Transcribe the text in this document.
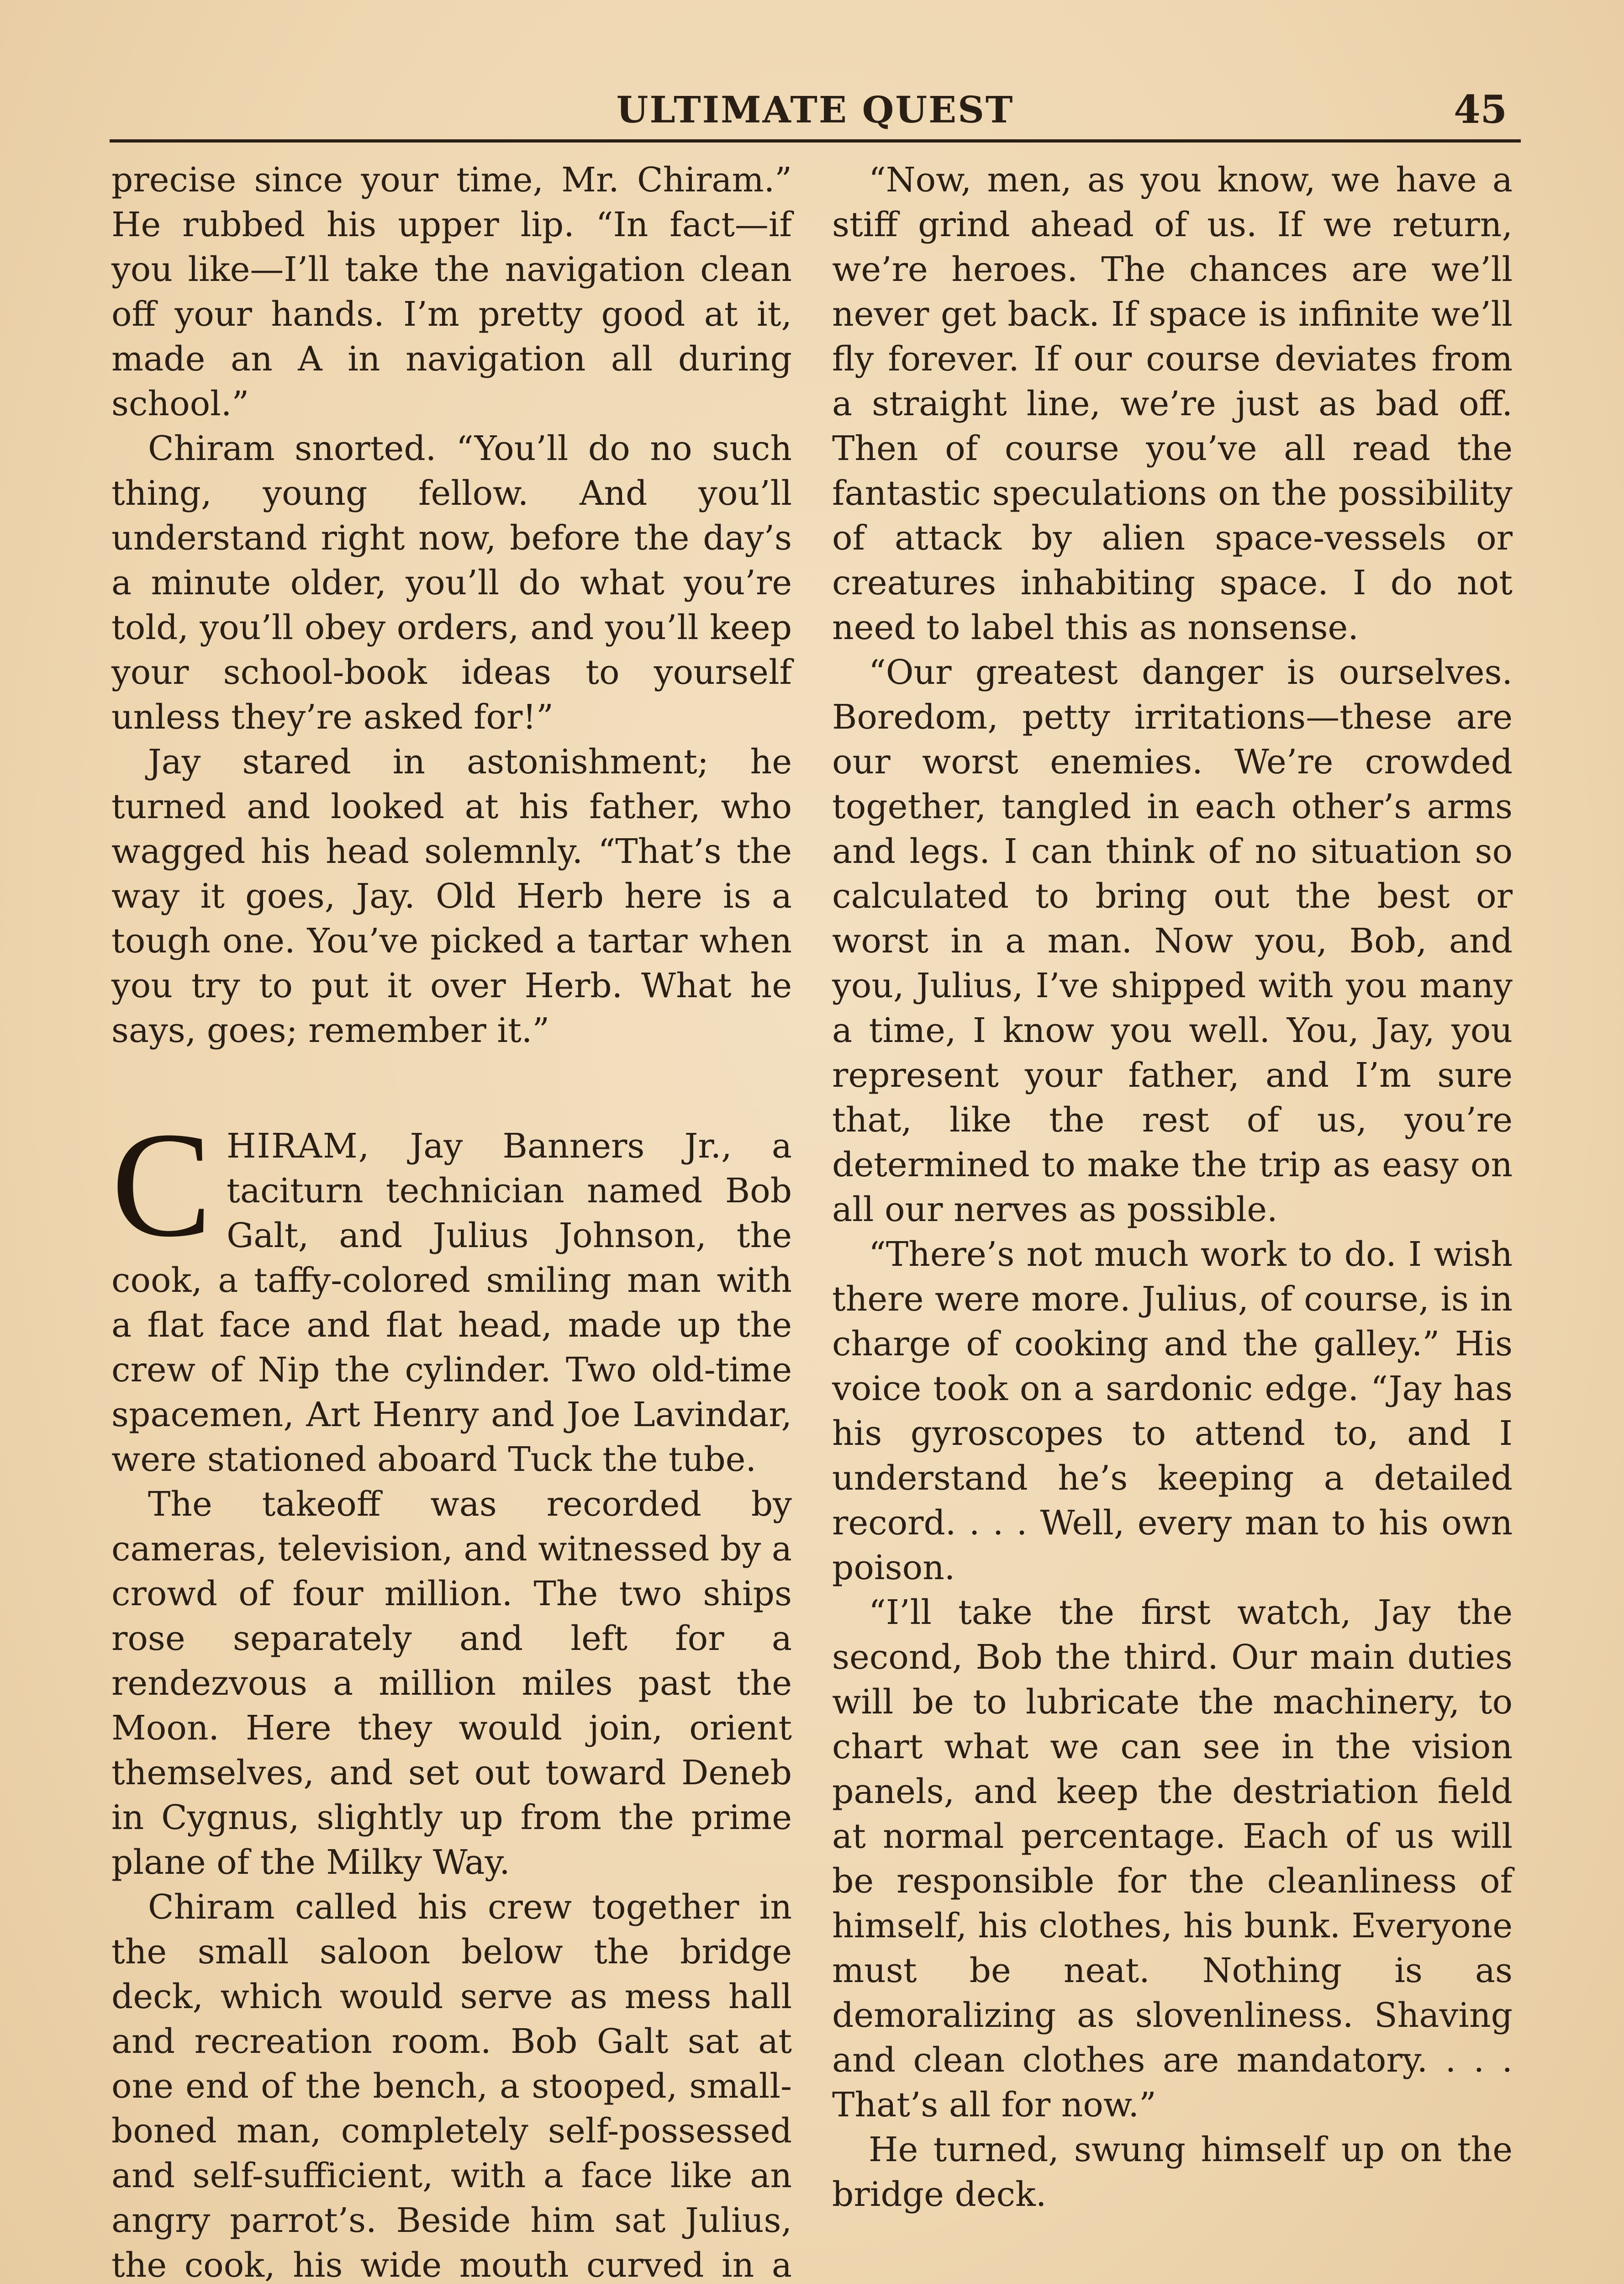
ULTIMATE QUEST	45

precise since your time, Mr. Chiram.” He rubbed his upper lip. “In fact—if you like—I’ll take the navigation clean off your hands. I’m pretty good at it, made an A in navigation all during school.”

Chiram snorted. “You’ll do no such thing, young fellow. And you’ll understand right now, before the day’s a minute older, you’ll do what you’re told, you’ll obey orders, and you’ll keep your school-book ideas to yourself unless they’re asked for!”

Jay stared in astonishment; he turned and looked at his father, who wagged his head solemnly. “That’s the way it goes, Jay. Old Herb here is a tough one. You’ve picked a tartar when you try to put it over Herb. What he says, goes; remember it.”

CHIRAM, Jay Banners Jr., a taciturn technician named Bob Galt, and Julius Johnson, the cook, a taffy-colored smiling man with a flat face and flat head, made up the crew of Nip the cylinder. Two old-time spacemen, Art Henry and Joe Lavindar, were stationed aboard Tuck the tube.

The takeoff was recorded by cameras, television, and witnessed by a crowd of four million. The two ships rose separately and left for a rendezvous a million miles past the Moon. Here they would join, orient themselves, and set out toward Deneb in Cygnus, slightly up from the prime plane of the Milky Way.

Chiram called his crew together in the small saloon below the bridge deck, which would serve as mess hall and recreation room. Bob Galt sat at one end of the bench, a stooped, small-boned man, completely self-possessed and self-sufficient, with a face like an angry parrot’s. Beside him sat Julius, the cook, his wide mouth curved in a

“Now, men, as you know, we have a stiff grind ahead of us. If we return, we’re heroes. The chances are we’ll never get back. If space is infinite we’ll fly forever. If our course deviates from a straight line, we’re just as bad off. Then of course you’ve all read the fantastic speculations on the possibility of attack by alien space-vessels or creatures inhabiting space. I do not need to label this as nonsense.

“Our greatest danger is ourselves. Boredom, petty irritations—these are our worst enemies. We’re crowded together, tangled in each other’s arms and legs. I can think of no situation so calculated to bring out the best or worst in a man. Now you, Bob, and you, Julius, I’ve shipped with you many a time, I know you well. You, Jay, you represent your father, and I’m sure that, like the rest of us, you’re determined to make the trip as easy on all our nerves as possible.

“There’s not much work to do. I wish there were more. Julius, of course, is in charge of cooking and the galley.” His voice took on a sardonic edge. “Jay has his gyroscopes to attend to, and I understand he’s keeping a detailed record. . . . Well, every man to his own poison.

“I’ll take the first watch, Jay the second, Bob the third. Our main duties will be to lubricate the machinery, to chart what we can see in the vision panels, and keep the destriation field at normal percentage. Each of us will be responsible for the cleanliness of himself, his clothes, his bunk. Everyone must be neat. Nothing is as demoralizing as slovenliness. Shaving and clean clothes are mandatory. . . . That’s all for now.”

He turned, swung himself up on the bridge deck.
